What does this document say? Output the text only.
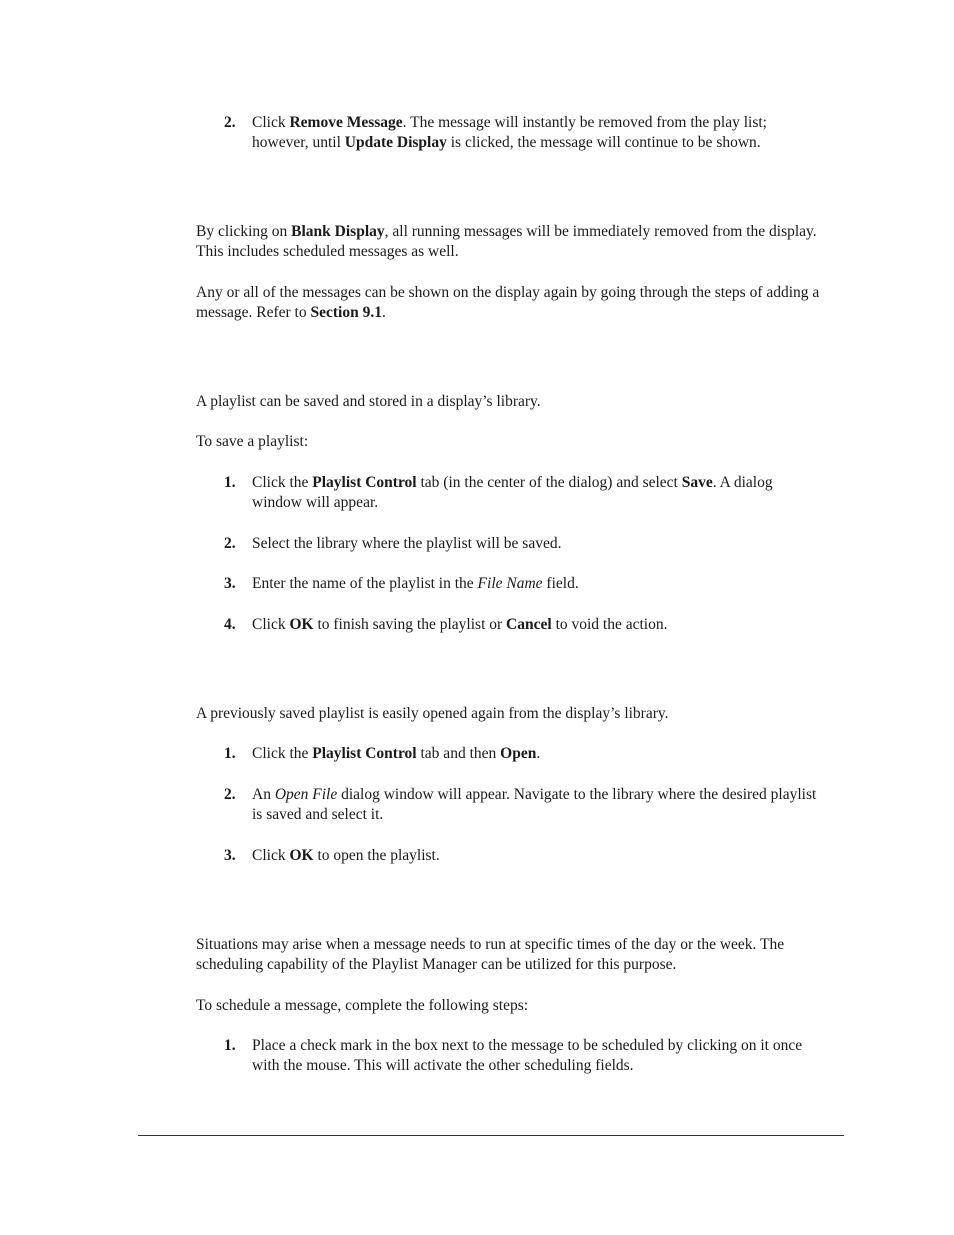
2.	Click Remove Message. The message will instantly be removed from the play list; however, until Update Display is clicked, the message will continue to be shown.

By clicking on Blank Display, all running messages will be immediately removed from the display. This includes scheduled messages as well.

Any or all of the messages can be shown on the display again by going through the steps of adding a message. Refer to Section 9.1.

A playlist can be saved and stored in a display’s library.

To save a playlist:

1.	Click the Playlist Control tab (in the center of the dialog) and select Save. A dialog window will appear.
2.	Select the library where the playlist will be saved.
3.	Enter the name of the playlist in the File Name field.
4.	Click OK to finish saving the playlist or Cancel to void the action.

A previously saved playlist is easily opened again from the display’s library.

1.	Click the Playlist Control tab and then Open.
2.	An Open File dialog window will appear. Navigate to the library where the desired playlist is saved and select it.
3.	Click OK to open the playlist.

Situations may arise when a message needs to run at specific times of the day or the week. The scheduling capability of the Playlist Manager can be utilized for this purpose.

To schedule a message, complete the following steps:

1.	Place a check mark in the box next to the message to be scheduled by clicking on it once with the mouse. This will activate the other scheduling fields.
